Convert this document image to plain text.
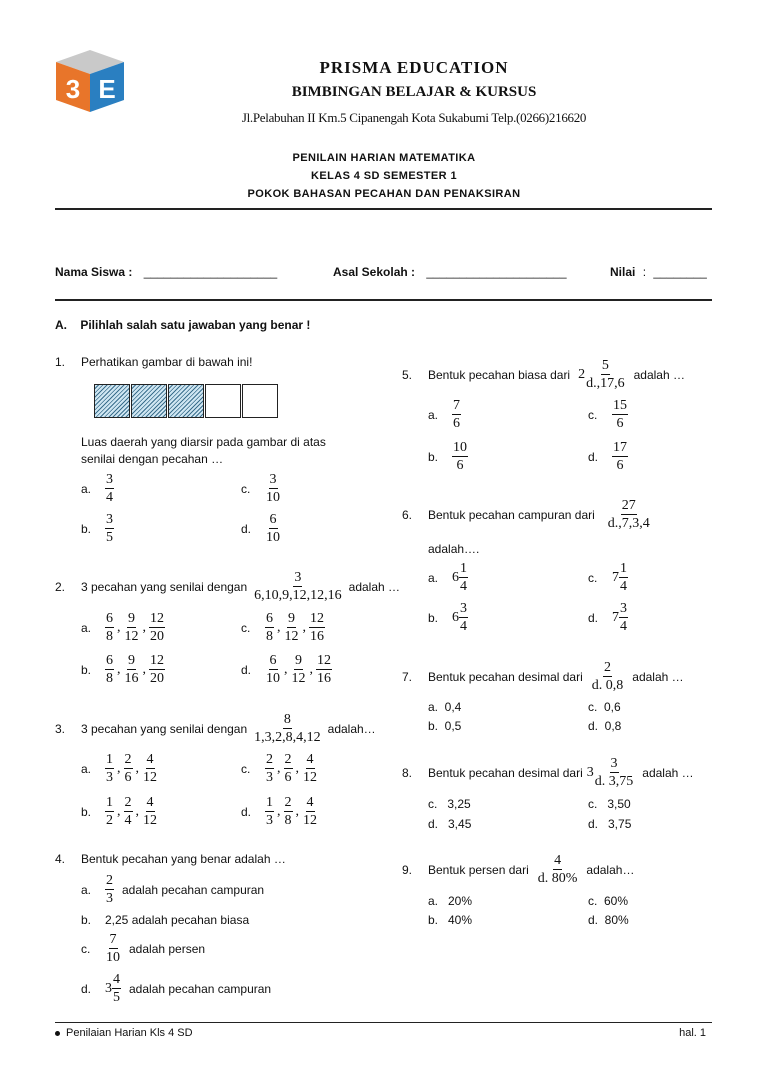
3 E
PRISMA EDUCATION
BIMBINGAN BELAJAR & KURSUS
Jl.Pelabuhan II Km.5 Cipanengah Kota Sukabumi Telp.(0266)216620
PENILAIN HARIAN MATEMATIKA
KELAS 4 SD SEMESTER 1
POKOK BAHASAN PECAHAN DAN PENAKSIRAN
Nama Siswa : ____________________	Asal Sekolah : _____________________	Nilai : ________
A.    Pilihlah salah satu jawaban yang benar !
1.	Perhatikan gambar di bawah ini!
Luas daerah yang diarsir pada gambar di atas
senilai dengan pecahan …
a. $\frac{3}{4}$
b. $\frac{3}{5}$
c.	$\frac{3}{10}$
d. $\frac{6}{10}$
2.	3 pecahan yang senilai dengan $\frac{3}{6,10,9,12,12,16}$ adalah …
a. $\frac{6}{8}$ , $\frac{9}{12}$ , $\frac{12}{20}$
b. $\frac{6}{8}$ , $\frac{9}{16}$ , $\frac{12}{20}$
c.	$\frac{6}{8}$ , $\frac{9}{12}$ , $\frac{12}{16}$
d. $\frac{6}{10}$ , $\frac{9}{12}$ , $\frac{12}{16}$
3.	3 pecahan yang senilai dengan $\frac{8}{1,3,2,8,4,12}$ adalah…
a. $\frac{1}{3}$ , $\frac{2}{6}$ , $\frac{4}{12}$
b. $\frac{1}{2}$ , $\frac{2}{4}$ , $\frac{4}{12}$
c.	$\frac{2}{3}$ , $\frac{2}{6}$ , $\frac{4}{12}$
d. $\frac{1}{3}$ , $\frac{2}{8}$ , $\frac{4}{12}$
4.	Bentuk pecahan yang benar adalah …
a. $\frac{2}{3}$ adalah pecahan campuran
b.	2,25 adalah pecahan biasa
c.	$\frac{7}{10}$ adalah persen
d. $3 \frac{4}{5}$ adalah pecahan campuran
5.	Bentuk pecahan biasa dari $2 \frac{5}{d.,17,6}$ adalah …
a. $\frac{7}{6}$
b. $\frac{10}{6}$
c.	$\frac{15}{6}$
d. $\frac{17}{6}$
6.	Bentuk pecahan campuran dari $\frac{27}{d.,7,3,4}$
adalah….
a. $6 \frac{1}{4}$
b. $6 \frac{3}{4}$
c.	$7 \frac{1}{4}$
d. $7 \frac{3}{4}$
7.	Bentuk pecahan desimal dari $\frac{2}{d. 0,8}$ adalah …
a.  0,4
b.  0,5
c.  0,6
d.  0,8
8.	Bentuk pecahan desimal dari $3 \frac{3}{d. 3,75}$ adalah …
c.   3,25
d.   3,45
c.   3,50
d.   3,75
9.	Bentuk persen dari $\frac{4}{d. 80\%}$ adalah…
a.   20%
b.   40%
c.  60%
d.  80%
Penilaian Harian Kls 4 SD	hal. 1
